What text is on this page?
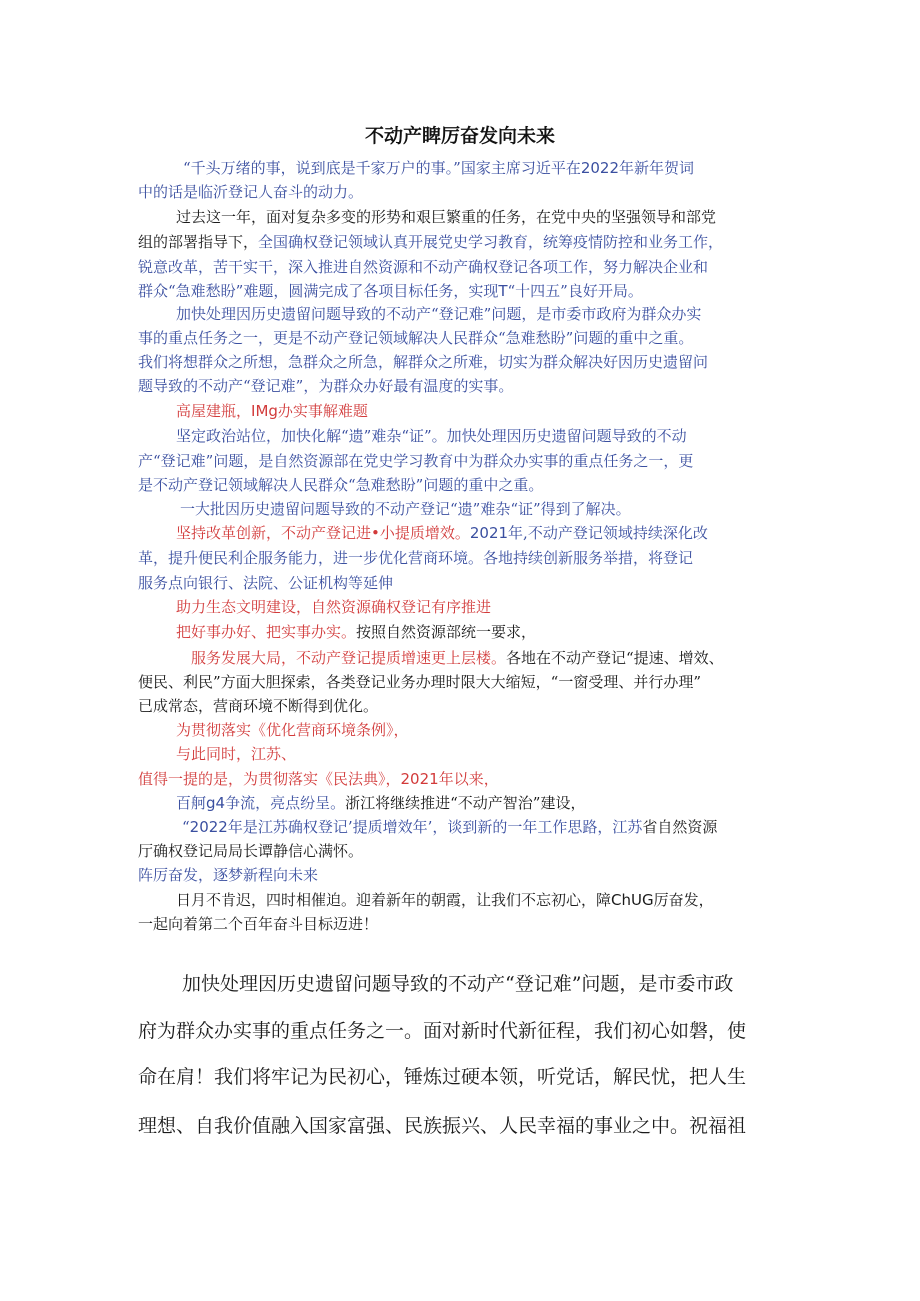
不动产睥厉奋发向未来
“千头万绪的事，说到底是千家万户的事。”国家主席习近平在2022年新年贺词
中的话是临沂登记人奋斗的动力。
过去这一年，面对复杂多变的形势和艰巨繁重的任务，在党中央的坚强领导和部党
组的部署指导下，全国确权登记领域认真开展党史学习教育，统筹疫情防控和业务工作，
锐意改革，苦干实干，深入推进自然资源和不动产确权登记各项工作，努力解决企业和
群众“急难愁盼”难题，圆满完成了各项目标任务，实现T“十四五”良好开局。
加快处理因历史遗留问题导致的不动产“登记难”问题，是市委市政府为群众办实
事的重点任务之一，更是不动产登记领域解决人民群众“急难愁盼”问题的重中之重。
我们将想群众之所想，急群众之所急，解群众之所难，切实为群众解决好因历史遗留问
题导致的不动产“登记难”，为群众办好最有温度的实事。
高屋建瓶，IMg办实事解难题
坚定政治站位，加快化解“遗”难杂“证”。加快处理因历史遗留问题导致的不动
产“登记难”问题，是自然资源部在党史学习教育中为群众办实事的重点任务之一，更
是不动产登记领域解决人民群众“急难愁盼”问题的重中之重。
一大批因历史遗留问题导致的不动产登记“遗”难杂“证”得到了解决。
坚持改革创新，不动产登记进•小提质增效。2021年,不动产登记领域持续深化改
革，提升便民利企服务能力，进一步优化营商环境。各地持续创新服务举措，将登记
服务点向银行、法院、公证机构等延伸
助力生态文明建设，自然资源确权登记有序推进
把好事办好、把实事办实。按照自然资源部统一要求，
服务发展大局，不动产登记提质增速更上层楼。各地在不动产登记“提速、增效、
便民、利民”方面大胆探索，各类登记业务办理时限大大缩短，“一窗受理、并行办理”
已成常态，营商环境不断得到优化。
为贯彻落实《优化营商环境条例》，
与此同时，江苏、
值得一提的是，为贯彻落实《民法典》，2021年以来，
百舸g4争流，亮点纷呈。浙江将继续推进“不动产智治”建设，
“2022年是江苏确权登记’提质增效年’，谈到新的一年工作思路，江苏省自然资源
厅确权登记局局长谭静信心满怀。
阵厉奋发，逐梦新程向未来
日月不肯迟，四时相催迫。迎着新年的朝霞，让我们不忘初心，障ChUG厉奋发，
一起向着第二个百年奋斗目标迈进！
加快处理因历史遗留问题导致的不动产“登记难”问题，是市委市政
府为群众办实事的重点任务之一。面对新时代新征程，我们初心如磐，使
命在肩！我们将牢记为民初心，锤炼过硬本领，听党话，解民忧，把人生
理想、自我价值融入国家富强、民族振兴、人民幸福的事业之中。祝福祖
